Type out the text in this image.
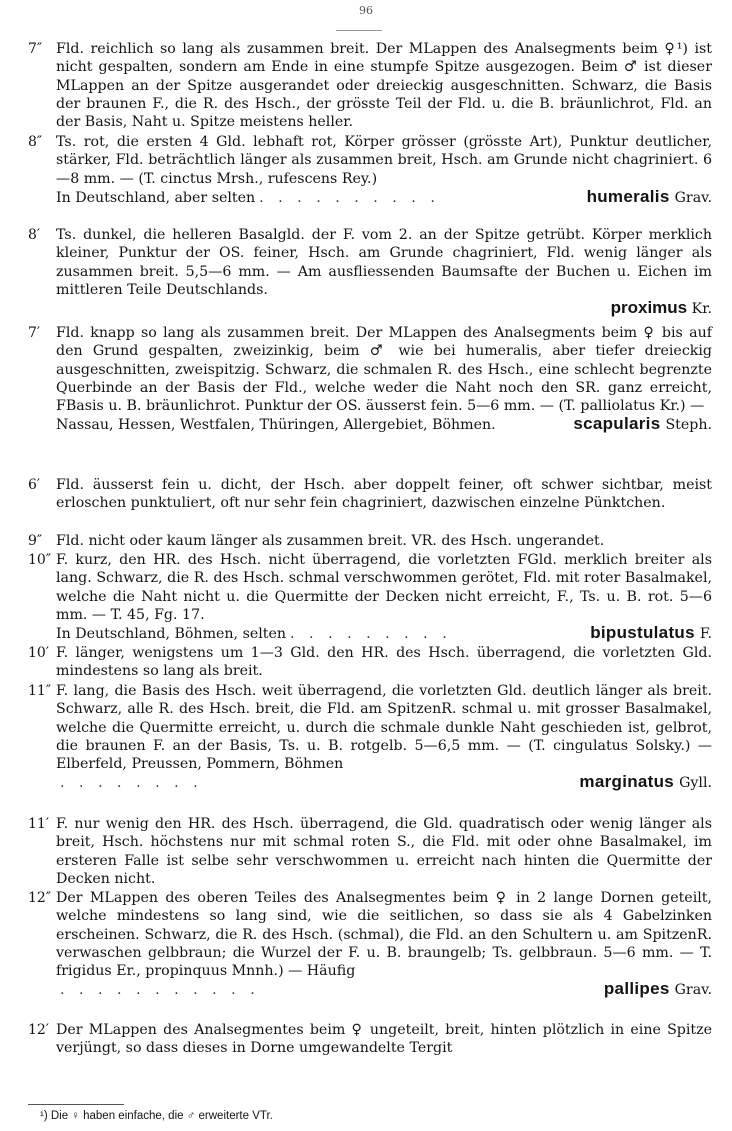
96
7″ Fld. reichlich so lang als zusammen breit. Der MLappen des Analsegments beim ♀¹) ist nicht gespalten, sondern am Ende in eine stumpfe Spitze ausgezogen. Beim ♂ ist dieser MLappen an der Spitze ausgerandet oder dreieckig ausgeschnitten. Schwarz, die Basis der braunen F., die R. des Hsch., der grösste Teil der Fld. u. die B. bräunlichrot, Fld. an der Basis, Naht u. Spitze meistens heller.

8″ Ts. rot, die ersten 4 Gld. lebhaft rot, Körper grösser (grösste Art), Punktur deutlicher, stärker, Fld. beträchtlich länger als zusammen breit, Hsch. am Grunde nicht chagriniert. 6—8 mm. — (T. cinctus Mrsh., rufescens Rey.)

In Deutschland, aber selten . . . . . . . . . .	humeralis Grav.
8′ Ts. dunkel, die helleren Basalgld. der F. vom 2. an der Spitze getrübt. Körper merklich kleiner, Punktur der OS. feiner, Hsch. am Grunde chagriniert, Fld. wenig länger als zusammen breit. 5,5—6 mm. — Am ausfliessenden Baumsafte der Buchen u. Eichen im mittleren Teile Deutschlands.

proximus Kr.
7′ Fld. knapp so lang als zusammen breit. Der MLappen des Analsegments beim ♀ bis auf den Grund gespalten, zweizinkig, beim ♂ wie bei humeralis, aber tiefer dreieckig ausgeschnitten, zweispitzig. Schwarz, die schmalen R. des Hsch., eine schlecht begrenzte Querbinde an der Basis der Fld., welche weder die Naht noch den SR. ganz erreicht, FBasis u. B. bräunlichrot. Punktur der OS. äusserst fein. 5—6 mm. — (T. palliolatus Kr.) —

Nassau, Hessen, Westfalen, Thüringen, Allergebiet, Böhmen.	scapularis Steph.
6′ Fld. äusserst fein u. dicht, der Hsch. aber doppelt feiner, oft schwer sichtbar, meist erloschen punktuliert, oft nur sehr fein chagriniert, dazwischen einzelne Pünktchen.

9″ Fld. nicht oder kaum länger als zusammen breit. VR. des Hsch. ungerandet.

10″ F. kurz, den HR. des Hsch. nicht überragend, die vorletzten FGld. merklich breiter als lang. Schwarz, die R. des Hsch. schmal verschwommen gerötet, Fld. mit roter Basalmakel, welche die Naht nicht u. die Quermitte der Decken nicht erreicht, F., Ts. u. B. rot. 5—6 mm. — T. 45, Fg. 17.

In Deutschland, Böhmen, selten . . . . . . . . .	bipustulatus F.
10′ F. länger, wenigstens um 1—3 Gld. den HR. des Hsch. überragend, die vorletzten Gld. mindestens so lang als breit.

11″ F. lang, die Basis des Hsch. weit überragend, die vorletzten Gld. deutlich länger als breit. Schwarz, alle R. des Hsch. breit, die Fld. am SpitzenR. schmal u. mit grosser Basalmakel, welche die Quermitte erreicht, u. durch die schmale dunkle Naht geschieden ist, gelbrot, die braunen F. an der Basis, Ts. u. B. rotgelb. 5—6,5 mm. — (T. cingulatus Solsky.) — Elberfeld, Preussen, Pommern, Böhmen

. . . . . . . .	marginatus Gyll.
11′ F. nur wenig den HR. des Hsch. überragend, die Gld. quadratisch oder wenig länger als breit, Hsch. höchstens nur mit schmal roten S., die Fld. mit oder ohne Basalmakel, im ersteren Falle ist selbe sehr verschwommen u. erreicht nach hinten die Quermitte der Decken nicht.

12″ Der MLappen des oberen Teiles des Analsegmentes beim ♀ in 2 lange Dornen geteilt, welche mindestens so lang sind, wie die seitlichen, so dass sie als 4 Gabelzinken erscheinen. Schwarz, die R. des Hsch. (schmal), die Fld. an den Schultern u. am SpitzenR. verwaschen gelbbraun; die Wurzel der F. u. B. braungelb; Ts. gelbbraun. 5—6 mm. — T. frigidus Er., propinquus Mnnh.) — Häufig

. . . . . . . . . . .	pallipes Grav.
12′ Der MLappen des Analsegmentes beim ♀ ungeteilt, breit, hinten plötzlich in eine Spitze verjüngt, so dass dieses in Dorne umgewandelte Tergit

¹) Die ♀ haben einfache, die ♂ erweiterte VTr.
